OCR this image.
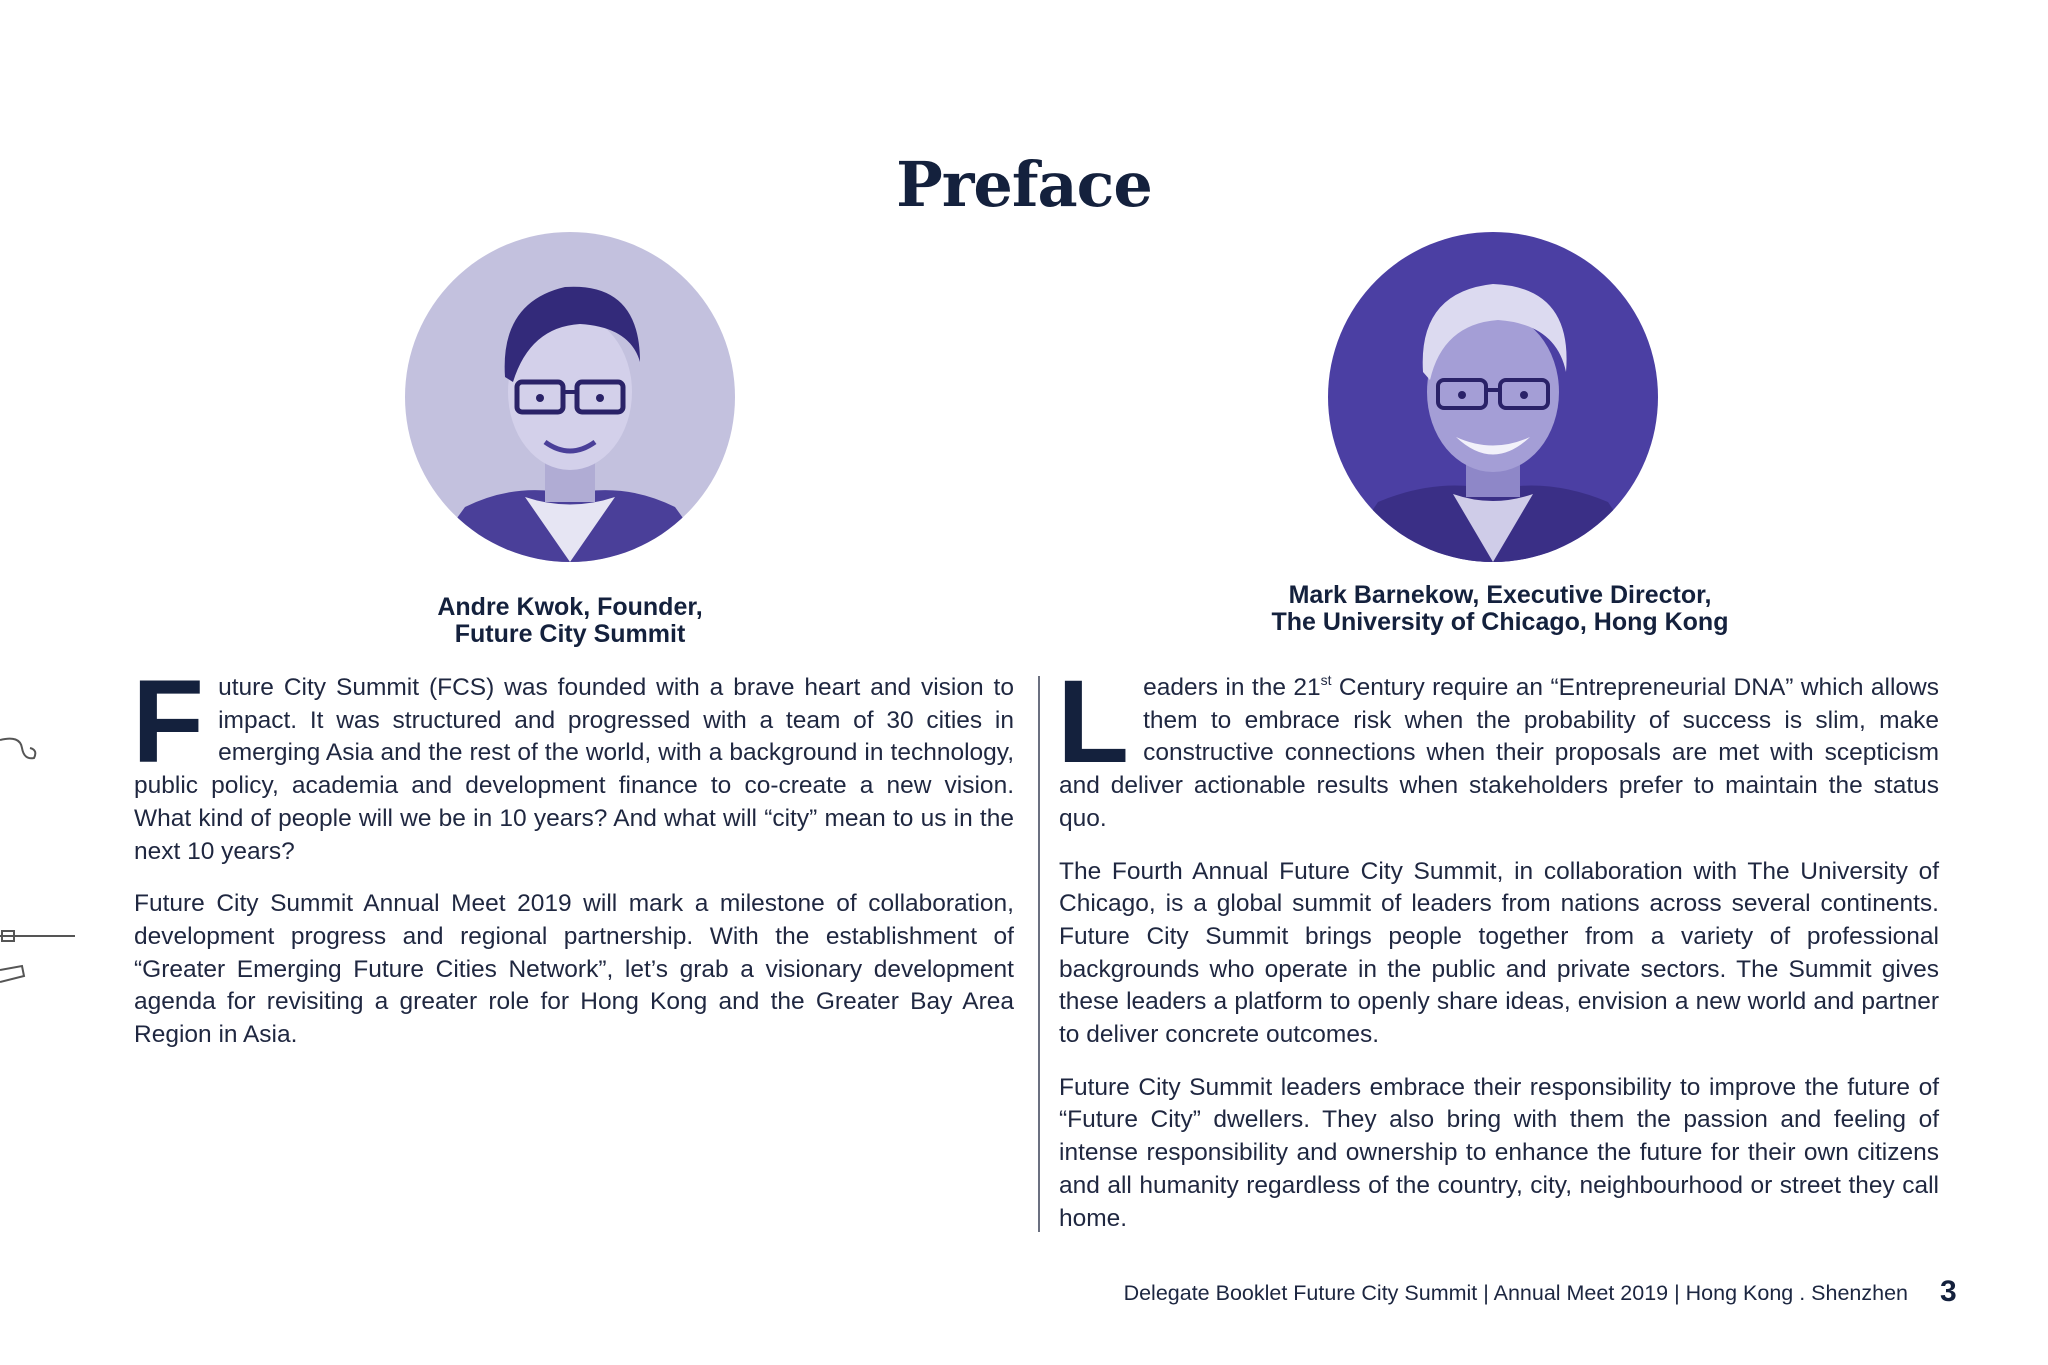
Preface
Andre Kwok, Founder,
Future City Summit
Mark Barnekow, Executive Director,
The University of Chicago, Hong Kong

Future City Summit (FCS) was founded with a brave heart and vision to impact. It was structured and progressed with a team of 30 cities in emerging Asia and the rest of the world, with a background in technology, public policy, academia and development finance to co-create a new vision. What kind of people will we be in 10 years? And what will “city” mean to us in the next 10 years?

Future City Summit Annual Meet 2019 will mark a milestone of collaboration, development progress and regional partnership. With the establishment of “Greater Emerging Future Cities Network”, let’s grab a visionary development agenda for revisiting a greater role for Hong Kong and the Greater Bay Area Region in Asia.

Leaders in the 21st Century require an “Entrepreneurial DNA” which allows them to embrace risk when the probability of success is slim, make constructive connections when their proposals are met with scepticism and deliver actionable results when stakeholders prefer to maintain the status quo.

The Fourth Annual Future City Summit, in collaboration with The University of Chicago, is a global summit of leaders from nations across several continents. Future City Summit brings people together from a variety of professional backgrounds who operate in the public and private sectors. The Summit gives these leaders a platform to openly share ideas, envision a new world and partner to deliver concrete outcomes.

Future City Summit leaders embrace their responsibility to improve the future of “Future City” dwellers. They also bring with them the passion and feeling of intense responsibility and ownership to enhance the future for their own citizens and all humanity regardless of the country, city, neighbourhood or street they call home.

Delegate Booklet Future City Summit | Annual Meet 2019 | Hong Kong . Shenzhen 3
